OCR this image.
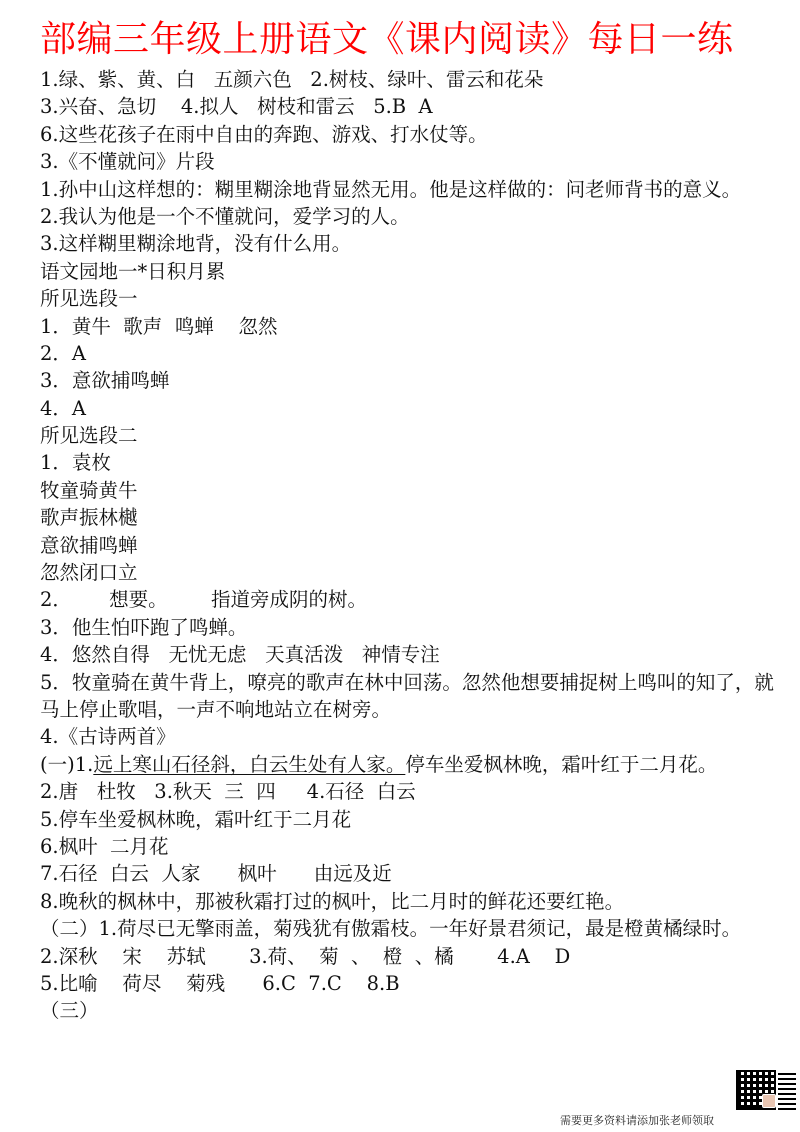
部编三年级上册语文《课内阅读》每日一练
1.绿、紫、黄、白   五颜六色   2.树枝、绿叶、雷云和花朵
3.兴奋、急切    4.拟人   树枝和雷云   5.B  A
6.这些花孩子在雨中自由的奔跑、游戏、打水仗等。
3.《不懂就问》片段
1.孙中山这样想的：糊里糊涂地背显然无用。他是这样做的：问老师背书的意义。
2.我认为他是一个不懂就问，爱学习的人。
3.这样糊里糊涂地背，没有什么用。
语文园地一*日积月累
所见选段一
1．黄牛  歌声  鸣蝉    忽然
2．A
3．意欲捕鸣蝉
4．A
所见选段二
1．袁枚
牧童骑黄牛
歌声振林樾
意欲捕鸣蝉
忽然闭口立
2．      想要。       指道旁成阴的树。
3．他生怕吓跑了鸣蝉。
4．悠然自得   无忧无虑   天真活泼   神情专注
5．牧童骑在黄牛背上，嘹亮的歌声在林中回荡。忽然他想要捕捉树上鸣叫的知了，就马上停止歌唱，一声不响地站立在树旁。
4.《古诗两首》
(一)1.远上寒山石径斜，白云生处有人家。停车坐爱枫林晚，霜叶红于二月花。
2.唐   杜牧   3.秋天  三  四     4.石径  白云
5.停车坐爱枫林晚，霜叶红于二月花
6.枫叶  二月花
7.石径  白云  人家      枫叶      由远及近
8.晚秋的枫林中，那被秋霜打过的枫叶，比二月时的鲜花还要红艳。
（二）1.荷尽已无擎雨盖，菊残犹有傲霜枝。一年好景君须记，最是橙黄橘绿时。
2.深秋    宋    苏轼       3.荷、  菊  、  橙  、橘       4.A    D
5.比喻    荷尽    菊残      6.C  7.C    8.B
（三）
需要更多资料请添加张老师领取
